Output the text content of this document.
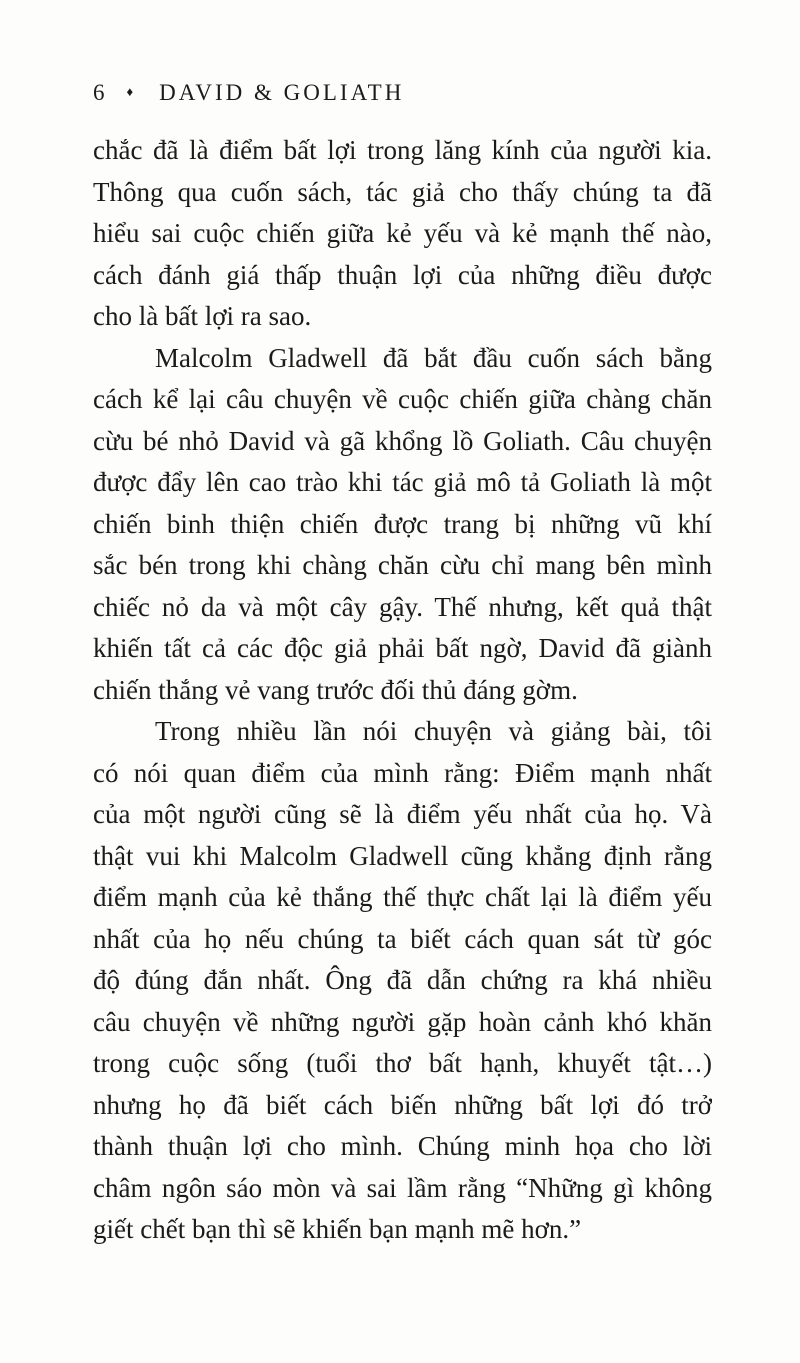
6 ♦ DAVID & GOLIATH
chắc đã là điểm bất lợi trong lăng kính của người kia.
Thông qua cuốn sách, tác giả cho thấy chúng ta đã
hiểu sai cuộc chiến giữa kẻ yếu và kẻ mạnh thế nào,
cách đánh giá thấp thuận lợi của những điều được
cho là bất lợi ra sao.
Malcolm Gladwell đã bắt đầu cuốn sách bằng
cách kể lại câu chuyện về cuộc chiến giữa chàng chăn
cừu bé nhỏ David và gã khổng lồ Goliath. Câu chuyện
được đẩy lên cao trào khi tác giả mô tả Goliath là một
chiến binh thiện chiến được trang bị những vũ khí
sắc bén trong khi chàng chăn cừu chỉ mang bên mình
chiếc nỏ da và một cây gậy. Thế nhưng, kết quả thật
khiến tất cả các độc giả phải bất ngờ, David đã giành
chiến thắng vẻ vang trước đối thủ đáng gờm.
Trong nhiều lần nói chuyện và giảng bài, tôi
có nói quan điểm của mình rằng: Điểm mạnh nhất
của một người cũng sẽ là điểm yếu nhất của họ. Và
thật vui khi Malcolm Gladwell cũng khẳng định rằng
điểm mạnh của kẻ thắng thế thực chất lại là điểm yếu
nhất của họ nếu chúng ta biết cách quan sát từ góc
độ đúng đắn nhất. Ông đã dẫn chứng ra khá nhiều
câu chuyện về những người gặp hoàn cảnh khó khăn
trong cuộc sống (tuổi thơ bất hạnh, khuyết tật…)
nhưng họ đã biết cách biến những bất lợi đó trở
thành thuận lợi cho mình. Chúng minh họa cho lời
châm ngôn sáo mòn và sai lầm rằng “Những gì không
giết chết bạn thì sẽ khiến bạn mạnh mẽ hơn.”
